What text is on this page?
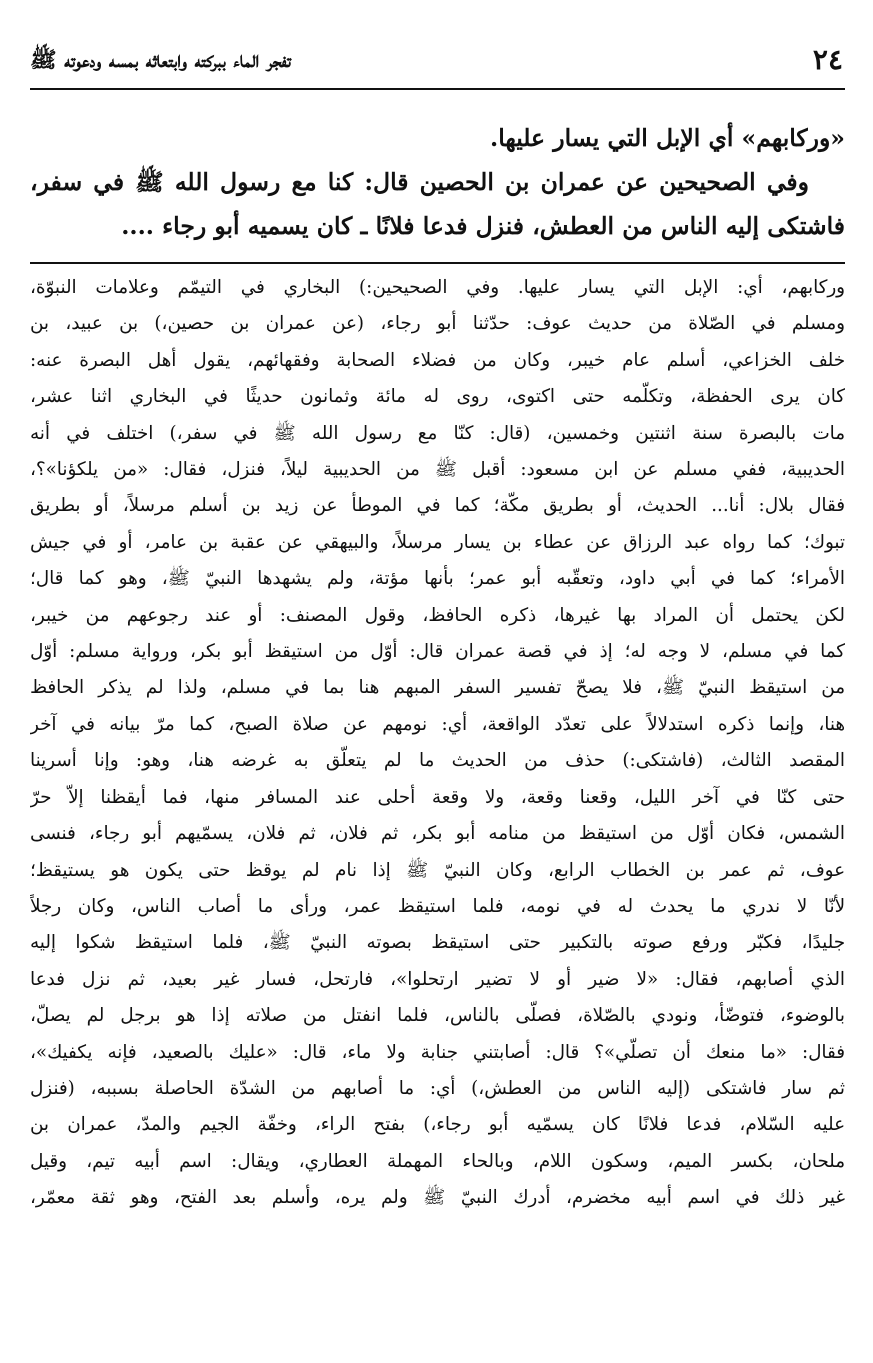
٢٤
تفجر الماء ببركته وابتعاثه بمسه ودعوته ﷺ

«وركابهم» أي الإبل التي يسار عليها.

وفي الصحيحين عن عمران بن الحصين قال: كنا مع رسول الله ﷺ في سفر، فاشتكى إليه الناس من العطش، فنزل فدعا فلانًا ـ كان يسميه أبو رجاء ....

وركابهم، أي: الإبل التي يسار عليها. وفي الصحيحين:) البخاري في التيمّم وعلامات النبوّة،
ومسلم في الصّلاة من حديث عوف: حدّثنا أبو رجاء، (عن عمران بن حصين،) بن عبيد، بن
خلف الخزاعي، أسلم عام خيبر، وكان من فضلاء الصحابة وفقهائهم، يقول أهل البصرة عنه:
كان يرى الحفظة، وتكلّمه حتى اكتوى، روى له مائة وثمانون حديثًا في البخاري اثنا عشر،
مات بالبصرة سنة اثنتين وخمسين، (قال: كنّا مع رسول الله ﷺ في سفر،) اختلف في أنه
الحديبية، ففي مسلم عن ابن مسعود: أقبل ﷺ من الحديبية ليلاً، فنزل، فقال: «من يلكؤنا»؟،
فقال بلال: أنا... الحديث، أو بطريق مكّة؛ كما في الموطأ عن زيد بن أسلم مرسلاً، أو بطريق
تبوك؛ كما رواه عبد الرزاق عن عطاء بن يسار مرسلاً، والبيهقي عن عقبة بن عامر، أو في جيش
الأمراء؛ كما في أبي داود، وتعقّبه أبو عمر؛ بأنها مؤتة، ولم يشهدها النبيّ ﷺ، وهو كما قال؛
لكن يحتمل أن المراد بها غيرها، ذكره الحافظ، وقول المصنف: أو عند رجوعهم من خيبر،
كما في مسلم، لا وجه له؛ إذ في قصة عمران قال: أوّل من استيقظ أبو بكر، ورواية مسلم: أوّل
من استيقظ النبيّ ﷺ، فلا يصحّ تفسير السفر المبهم هنا بما في مسلم، ولذا لم يذكر الحافظ
هنا، وإنما ذكره استدلالاً على تعدّد الواقعة، أي: نومهم عن صلاة الصبح، كما مرّ بيانه في آخر
المقصد الثالث، (فاشتكى:) حذف من الحديث ما لم يتعلّق به غرضه هنا، وهو: وإنا أسرينا
حتى كنّا في آخر الليل، وقعنا وقعة، ولا وقعة أحلى عند المسافر منها، فما أيقظنا إلاّ حرّ
الشمس، فكان أوّل من استيقظ من منامه أبو بكر، ثم فلان، ثم فلان، يسمّيهم أبو رجاء، فنسى
عوف، ثم عمر بن الخطاب الرابع، وكان النبيّ ﷺ إذا نام لم يوقظ حتى يكون هو يستيقظ؛
لأنّا لا ندري ما يحدث له في نومه، فلما استيقظ عمر، ورأى ما أصاب الناس، وكان رجلاً
جليدًا، فكبّر ورفع صوته بالتكبير حتى استيقظ بصوته النبيّ ﷺ، فلما استيقظ شكوا إليه
الذي أصابهم، فقال: «لا ضير أو لا تضير ارتحلوا»، فارتحل، فسار غير بعيد، ثم نزل فدعا
بالوضوء، فتوضّأ، ونودي بالصّلاة، فصلّى بالناس، فلما انفتل من صلاته إذا هو برجل لم يصلّ،
فقال: «ما منعك أن تصلّي»؟ قال: أصابتني جنابة ولا ماء، قال: «عليك بالصعيد، فإنه يكفيك»،
ثم سار فاشتكى (إليه الناس من العطش،) أي: ما أصابهم من الشدّة الحاصلة بسببه، (فنزل
عليه السّلام، فدعا فلانًا كان يسمّيه أبو رجاء،) بفتح الراء، وخفّة الجيم والمدّ، عمران بن
ملحان، بكسر الميم، وسكون اللام، وبالحاء المهملة العطاري، ويقال: اسم أبيه تيم، وقيل
غير ذلك في اسم أبيه مخضرم، أدرك النبيّ ﷺ ولم يره، وأسلم بعد الفتح، وهو ثقة معمّر،
